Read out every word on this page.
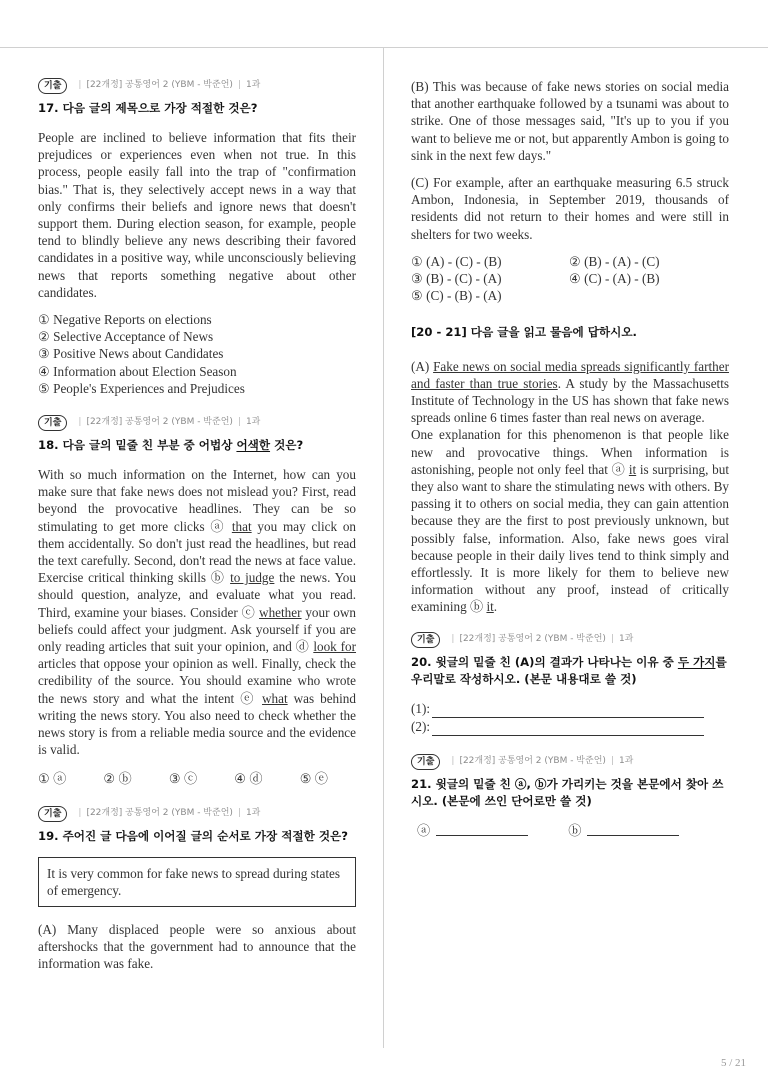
기출	| [22개정] 공통영어 2 (YBM - 박준언) | 1과
17. 다음 글의 제목으로 가장 적절한 것은?
People are inclined to believe information that fits their prejudices or experiences even when not true. In this process, people easily fall into the trap of "confirmation bias." That is, they selectively accept news in a way that only confirms their beliefs and ignore news that doesn't support them. During election season, for example, people tend to blindly believe any news describing their favored candidates in a positive way, while unconsciously believing news that reports something negative about other candidates.
① Negative Reports on elections
② Selective Acceptance of News
③ Positive News about Candidates
④ Information about Election Season
⑤ People's Experiences and Prejudices
기출	| [22개정] 공통영어 2 (YBM - 박준언) | 1과
18. 다음 글의 밑줄 친 부분 중 어법상 어색한 것은?
With so much information on the Internet, how can you make sure that fake news does not mislead you? First, read beyond the provocative headlines. They can be so stimulating to get more clicks ⓐ that you may click on them accidentally. So don't just read the headlines, but read the text carefully. Second, don't read the news at face value. Exercise critical thinking skills ⓑ to judge the news. You should question, analyze, and evaluate what you read. Third, examine your biases. Consider ⓒ whether your own beliefs could affect your judgment. Ask yourself if you are only reading articles that suit your opinion, and ⓓ look for articles that oppose your opinion as well. Finally, check the credibility of the source. You should examine who wrote the news story and what the intent ⓔ what was behind writing the news story. You also need to check whether the news story is from a reliable media source and the evidence is valid.
① ⓐ	② ⓑ	③ ⓒ	④ ⓓ	⑤ ⓔ
기출	| [22개정] 공통영어 2 (YBM - 박준언) | 1과
19. 주어진 글 다음에 이어질 글의 순서로 가장 적절한 것은?
It is very common for fake news to spread during states of emergency.
(A) Many displaced people were so anxious about aftershocks that the government had to announce that the information was fake.
(B) This was because of fake news stories on social media that another earthquake followed by a tsunami was about to strike. One of those messages said, "It's up to you if you want to believe me or not, but apparently Ambon is going to sink in the next few days."
(C) For example, after an earthquake measuring 6.5 struck Ambon, Indonesia, in September 2019, thousands of residents did not return to their homes and were still in shelters for two weeks.
① (A) - (C) - (B)	② (B) - (A) - (C)
③ (B) - (C) - (A)	④ (C) - (A) - (B)
⑤ (C) - (B) - (A)
[20 - 21] 다음 글을 읽고 물음에 답하시오.
(A) Fake news on social media spreads significantly farther and faster than true stories. A study by the Massachusetts Institute of Technology in the US has shown that fake news spreads online 6 times faster than real news on average.
One explanation for this phenomenon is that people like new and provocative things. When information is astonishing, people not only feel that ⓐ it is surprising, but they also want to share the stimulating news with others. By passing it to others on social media, they can gain attention because they are the first to post previously unknown, but possibly false, information. Also, fake news goes viral because people in their daily lives tend to think simply and effortlessly. It is more likely for them to believe new information without any proof, instead of critically examining ⓑ it.
기출	| [22개정] 공통영어 2 (YBM - 박준언) | 1과
20. 윗글의 밑줄 친 (A)의 결과가 나타나는 이유 중 두 가지를 우리말로 작성하시오. (본문 내용대로 쓸 것)
(1):
(2):
기출	| [22개정] 공통영어 2 (YBM - 박준언) | 1과
21. 윗글의 밑줄 친 ⓐ, ⓑ가 가리키는 것을 본문에서 찾아 쓰시오. (본문에 쓰인 단어로만 쓸 것)
ⓐ	ⓑ
5 / 21
